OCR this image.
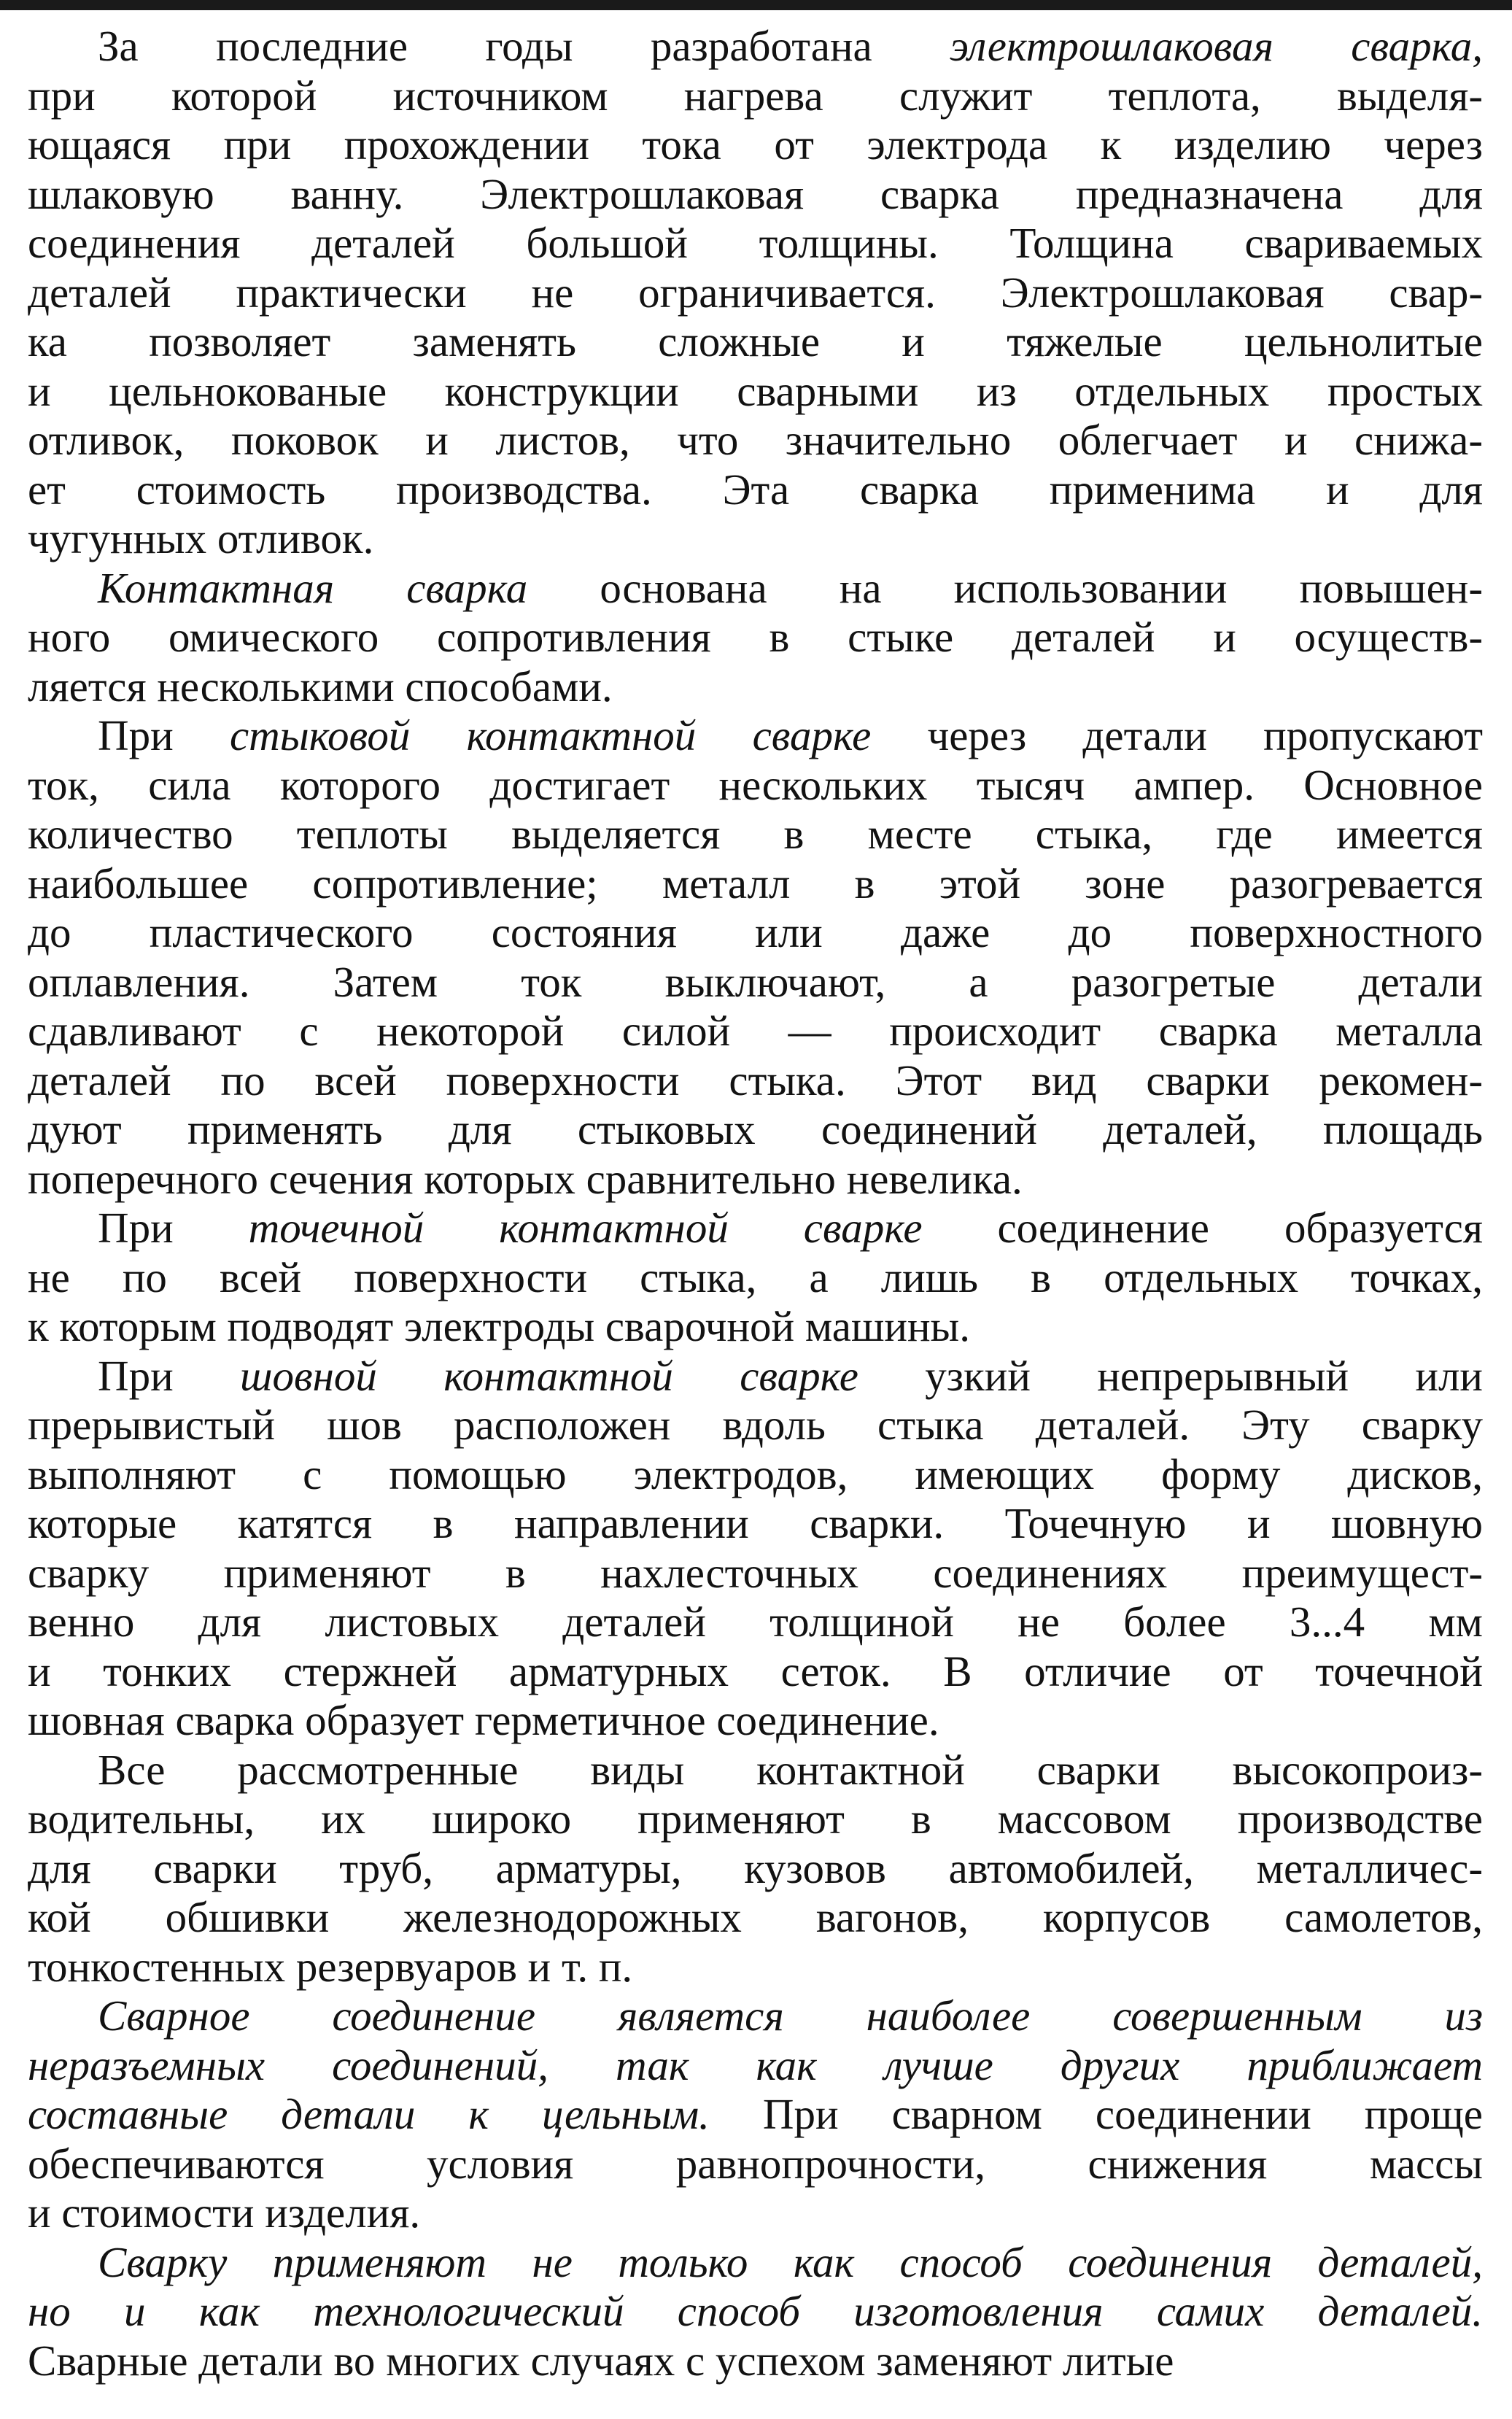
За последние годы разработана электрошлаковая сварка,
при которой источником нагрева служит теплота, выделя-
ющаяся при прохождении тока от электрода к изделию через
шлаковую ванну. Электрошлаковая сварка предназначена для
соединения деталей большой толщины. Толщина свариваемых
деталей практически не ограничивается. Электрошлаковая свар-
ка позволяет заменять сложные и тяжелые цельнолитые
и цельнокованые конструкции сварными из отдельных простых
отливок, поковок и листов, что значительно облегчает и снижа-
ет стоимость производства. Эта сварка применима и для
чугунных отливок.
Контактная сварка основана на использовании повышен-
ного омического сопротивления в стыке деталей и осуществ-
ляется несколькими способами.
При стыковой контактной сварке через детали пропускают
ток, сила которого достигает нескольких тысяч ампер. Основное
количество теплоты выделяется в месте стыка, где имеется
наибольшее сопротивление; металл в этой зоне разогревается
до пластического состояния или даже до поверхностного
оплавления. Затем ток выключают, а разогретые детали
сдавливают с некоторой силой — происходит сварка металла
деталей по всей поверхности стыка. Этот вид сварки рекомен-
дуют применять для стыковых соединений деталей, площадь
поперечного сечения которых сравнительно невелика.
При точечной контактной сварке соединение образуется
не по всей поверхности стыка, а лишь в отдельных точках,
к которым подводят электроды сварочной машины.
При шовной контактной сварке узкий непрерывный или
прерывистый шов расположен вдоль стыка деталей. Эту сварку
выполняют с помощью электродов, имеющих форму дисков,
которые катятся в направлении сварки. Точечную и шовную
сварку применяют в нахлесточных соединениях преимущест-
венно для листовых деталей толщиной не более 3...4 мм
и тонких стержней арматурных сеток. В отличие от точечной
шовная сварка образует герметичное соединение.
Все рассмотренные виды контактной сварки высокопроиз-
водительны, их широко применяют в массовом производстве
для сварки труб, арматуры, кузовов автомобилей, металличес-
кой обшивки железнодорожных вагонов, корпусов самолетов,
тонкостенных резервуаров и т. п.
Сварное соединение является наиболее совершенным из
неразъемных соединений, так как лучше других приближает
составные детали к цельным. При сварном соединении проще
обеспечиваются условия равнопрочности, снижения массы
и стоимости изделия.
Сварку применяют не только как способ соединения деталей,
но и как технологический способ изготовления самих деталей.
Сварные детали во многих случаях с успехом заменяют литые
